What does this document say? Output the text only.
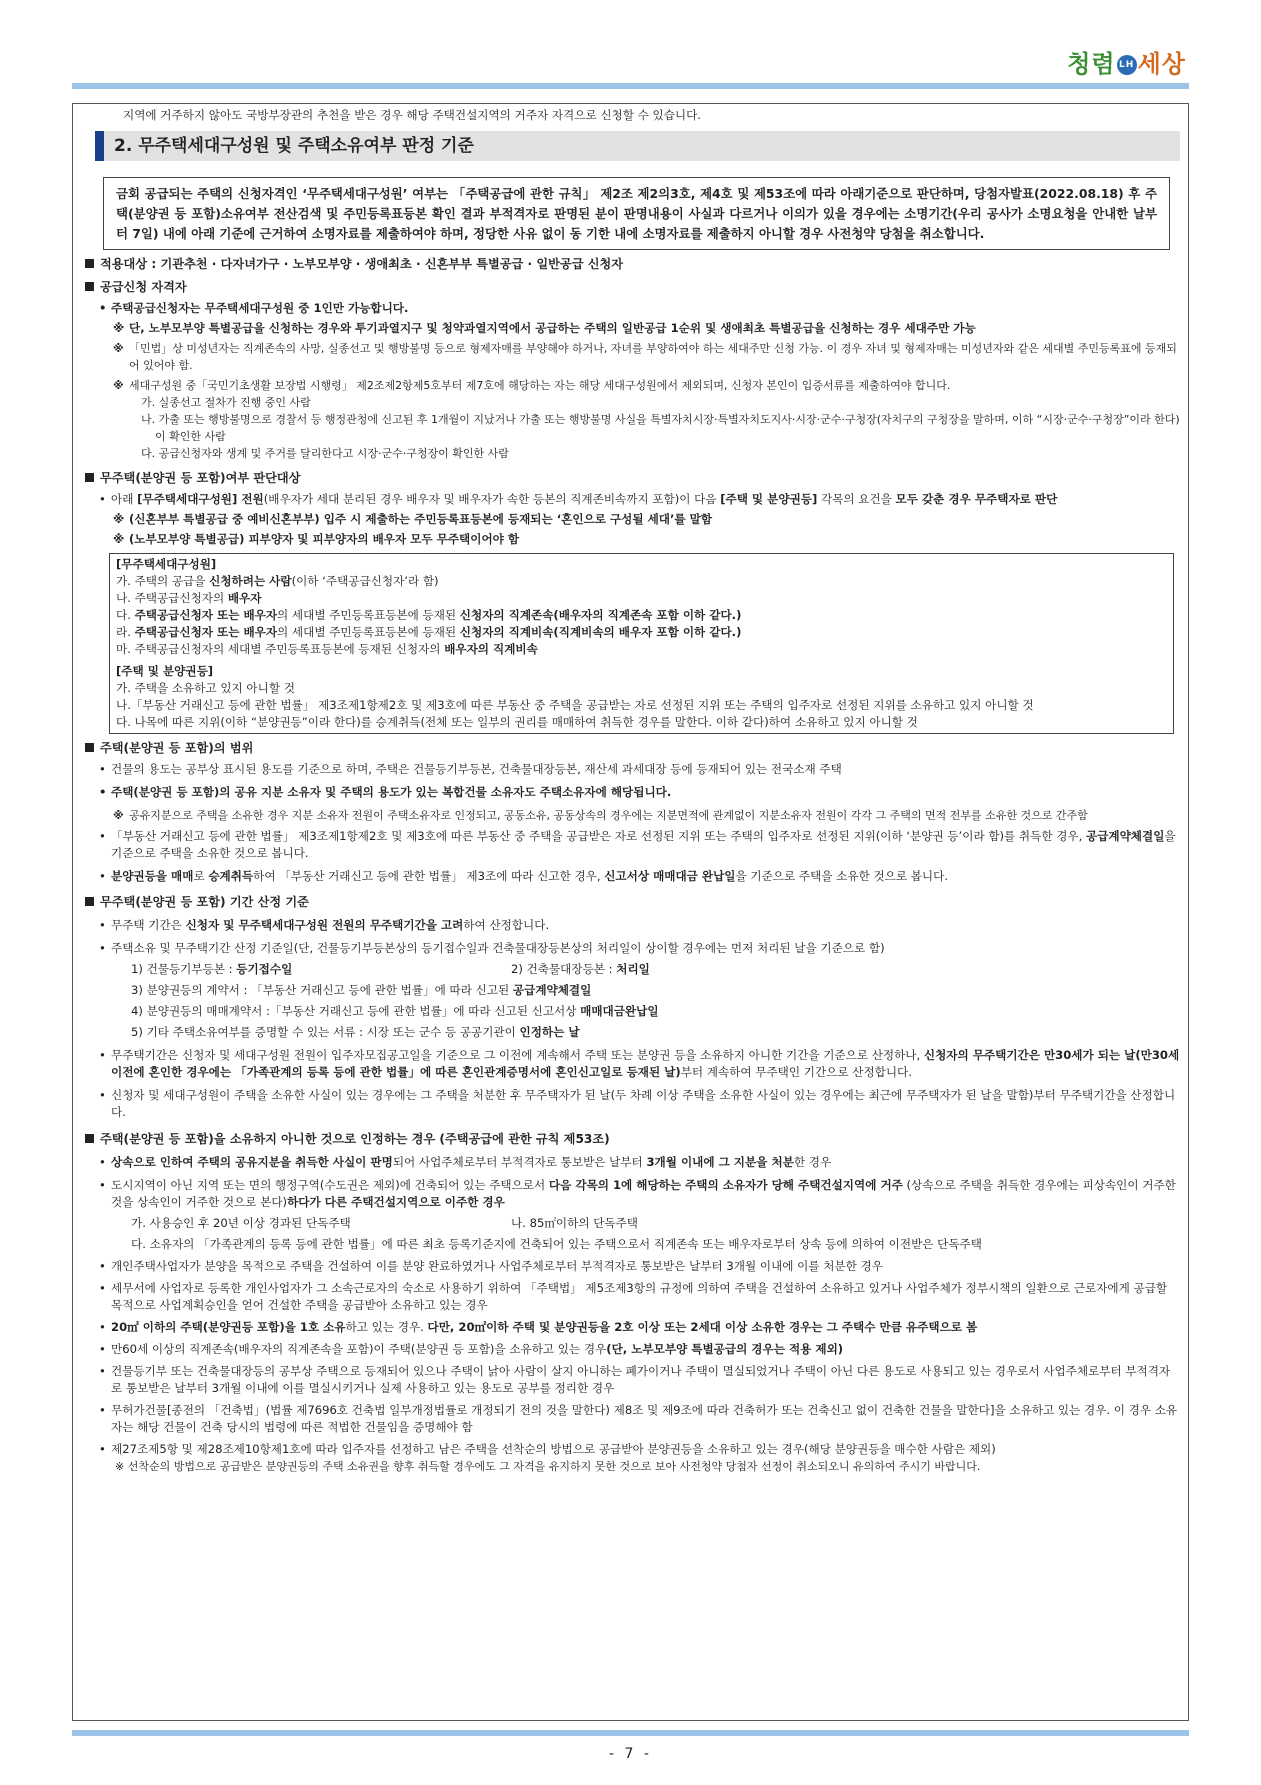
청렴 LH 세상

지역에 거주하지 않아도 국방부장관의 추천을 받은 경우 해당 주택건설지역의 거주자 자격으로 신청할 수 있습니다.

2. 무주택세대구성원 및 주택소유여부 판정 기준
금회 공급되는 주택의 신청자격인 ‘무주택세대구성원’ 여부는 「주택공급에 관한 규칙」 제2조 제2의3호, 제4호 및 제53조에 따라 아래기준으로 판단하며, 당첨자발표(2022.08.18) 후 주택(분양권 등 포함)소유여부 전산검색 및 주민등록표등본 확인 결과 부적격자로 판명된 분이 판명내용이 사실과 다르거나 이의가 있을 경우에는 소명기간(우리 공사가 소명요청을 안내한 날부터 7일) 내에 아래 기준에 근거하여 소명자료를 제출하여야 하며, 정당한 사유 없이 동 기한 내에 소명자료를 제출하지 아니할 경우 사전청약 당첨을 취소합니다.
적용대상 : 기관추천 · 다자녀가구 · 노부모부양 · 생애최초 · 신혼부부 특별공급 · 일반공급 신청자
공급신청 자격자
• 주택공급신청자는 무주택세대구성원 중 1인만 가능합니다.
※ 단, 노부모부양 특별공급을 신청하는 경우와 투기과열지구 및 청약과열지역에서 공급하는 주택의 일반공급 1순위 및 생애최초 특별공급을 신청하는 경우 세대주만 가능
※ 「민법」상 미성년자는 직계존속의 사망, 실종선고 및 행방불명 등으로 형제자매를 부양해야 하거나, 자녀를 부양하여야 하는 세대주만 신청 가능. 이 경우 자녀 및 형제자매는 미성년자와 같은 세대별 주민등록표에 등재되어 있어야 함.
※ 세대구성원 중「국민기초생활 보장법 시행령」 제2조제2항제5호부터 제7호에 해당하는 자는 해당 세대구성원에서 제외되며, 신청자 본인이 입증서류를 제출하여야 합니다.
가. 실종선고 절차가 진행 중인 사람
나. 가출 또는 행방불명으로 경찰서 등 행정관청에 신고된 후 1개월이 지났거나 가출 또는 행방불명 사실을 특별자치시장·특별자치도지사·시장·군수·구청장(자치구의 구청장을 말하며, 이하 “시장·군수·구청장”이라 한다)이 확인한 사람
다. 공급신청자와 생계 및 주거를 달리한다고 시장·군수·구청장이 확인한 사람
무주택(분양권 등 포함)여부 판단대상
• 아래 [무주택세대구성원] 전원(배우자가 세대 분리된 경우 배우자 및 배우자가 속한 등본의 직계존비속까지 포함)이 다음 [주택 및 분양권등] 각목의 요건을 모두 갖춘 경우 무주택자로 판단
※ (신혼부부 특별공급 중 예비신혼부부) 입주 시 제출하는 주민등록표등본에 등재되는 ‘혼인으로 구성될 세대’를 말함
※ (노부모부양 특별공급) 피부양자 및 피부양자의 배우자 모두 무주택이어야 함
[무주택세대구성원]
가. 주택의 공급을 신청하려는 사람(이하 ‘주택공급신청자’라 함)
나. 주택공급신청자의 배우자
다. 주택공급신청자 또는 배우자의 세대별 주민등록표등본에 등재된 신청자의 직계존속(배우자의 직계존속 포함 이하 같다.)
라. 주택공급신청자 또는 배우자의 세대별 주민등록표등본에 등재된 신청자의 직계비속(직계비속의 배우자 포함 이하 같다.)
마. 주택공급신청자의 세대별 주민등록표등본에 등재된 신청자의 배우자의 직계비속
[주택 및 분양권등]
가. 주택을 소유하고 있지 아니할 것
나.「부동산 거래신고 등에 관한 법률」 제3조제1항제2호 및 제3호에 따른 부동산 중 주택을 공급받는 자로 선정된 지위 또는 주택의 입주자로 선정된 지위를 소유하고 있지 아니할 것
다. 나목에 따른 지위(이하 “분양권등”이라 한다)를 승계취득(전체 또는 일부의 권리를 매매하여 취득한 경우를 말한다. 이하 같다)하여 소유하고 있지 아니할 것
주택(분양권 등 포함)의 범위
• 건물의 용도는 공부상 표시된 용도를 기준으로 하며, 주택은 건물등기부등본, 건축물대장등본, 재산세 과세대장 등에 등재되어 있는 전국소재 주택
• 주택(분양권 등 포함)의 공유 지분 소유자 및 주택의 용도가 있는 복합건물 소유자도 주택소유자에 해당됩니다.
※ 공유지분으로 주택을 소유한 경우 지분 소유자 전원이 주택소유자로 인정되고, 공동소유, 공동상속의 경우에는 지분면적에 관계없이 지분소유자 전원이 각각 그 주택의 면적 전부를 소유한 것으로 간주함
• 「부동산 거래신고 등에 관한 법률」 제3조제1항제2호 및 제3호에 따른 부동산 중 주택을 공급받은 자로 선정된 지위 또는 주택의 입주자로 선정된 지위(이하 ‘분양권 등’이라 함)를 취득한 경우, 공급계약체결일을 기준으로 주택을 소유한 것으로 봅니다.
• 분양권등을 매매로 승계취득하여 「부동산 거래신고 등에 관한 법률」 제3조에 따라 신고한 경우, 신고서상 매매대금 완납일을 기준으로 주택을 소유한 것으로 봅니다.
무주택(분양권 등 포함) 기간 산정 기준
• 무주택 기간은 신청자 및 무주택세대구성원 전원의 무주택기간을 고려하여 산정합니다.
• 주택소유 및 무주택기간 산정 기준일(단, 건물등기부등본상의 등기접수일과 건축물대장등본상의 처리일이 상이할 경우에는 먼저 처리된 날을 기준으로 함)
1) 건물등기부등본 : 등기접수일	2) 건축물대장등본 : 처리일
3) 분양권등의 계약서 : 「부동산 거래신고 등에 관한 법률」에 따라 신고된 공급계약체결일
4) 분양권등의 매매계약서 :「부동산 거래신고 등에 관한 법률」에 따라 신고된 신고서상 매매대금완납일
5) 기타 주택소유여부를 증명할 수 있는 서류 : 시장 또는 군수 등 공공기관이 인정하는 날
• 무주택기간은 신청자 및 세대구성원 전원이 입주자모집공고일을 기준으로 그 이전에 계속해서 주택 또는 분양권 등을 소유하지 아니한 기간을 기준으로 산정하나, 신청자의 무주택기간은 만30세가 되는 날(만30세 이전에 혼인한 경우에는 「가족관계의 등록 등에 관한 법률」에 따른 혼인관계증명서에 혼인신고일로 등재된 날)부터 계속하여 무주택인 기간으로 산정합니다.
• 신청자 및 세대구성원이 주택을 소유한 사실이 있는 경우에는 그 주택을 처분한 후 무주택자가 된 날(두 차례 이상 주택을 소유한 사실이 있는 경우에는 최근에 무주택자가 된 날을 말함)부터 무주택기간을 산정합니다.
주택(분양권 등 포함)을 소유하지 아니한 것으로 인정하는 경우 (주택공급에 관한 규칙 제53조)
• 상속으로 인하여 주택의 공유지분을 취득한 사실이 판명되어 사업주체로부터 부적격자로 통보받은 날부터 3개월 이내에 그 지분을 처분한 경우
• 도시지역이 아닌 지역 또는 면의 행정구역(수도권은 제외)에 건축되어 있는 주택으로서 다음 각목의 1에 해당하는 주택의 소유자가 당해 주택건설지역에 거주 (상속으로 주택을 취득한 경우에는 피상속인이 거주한 것을 상속인이 거주한 것으로 본다)하다가 다른 주택건설지역으로 이주한 경우
가. 사용승인 후 20년 이상 경과된 단독주택	나. 85㎡이하의 단독주택
다. 소유자의 「가족관계의 등록 등에 관한 법률」에 따른 최초 등록기준지에 건축되어 있는 주택으로서 직계존속 또는 배우자로부터 상속 등에 의하여 이전받은 단독주택
• 개인주택사업자가 분양을 목적으로 주택을 건설하여 이를 분양 완료하였거나 사업주체로부터 부적격자로 통보받은 날부터 3개월 이내에 이를 처분한 경우
• 세무서에 사업자로 등록한 개인사업자가 그 소속근로자의 숙소로 사용하기 위하여 「주택법」 제5조제3항의 규정에 의하여 주택을 건설하여 소유하고 있거나 사업주체가 정부시책의 일환으로 근로자에게 공급할 목적으로 사업계획승인을 얻어 건설한 주택을 공급받아 소유하고 있는 경우
• 20㎡ 이하의 주택(분양권등 포함)을 1호 소유하고 있는 경우. 다만, 20㎡이하 주택 및 분양권등을 2호 이상 또는 2세대 이상 소유한 경우는 그 주택수 만큼 유주택으로 봄
• 만60세 이상의 직계존속(배우자의 직계존속을 포함)이 주택(분양권 등 포함)을 소유하고 있는 경우(단, 노부모부양 특별공급의 경우는 적용 제외)
• 건물등기부 또는 건축물대장등의 공부상 주택으로 등재되어 있으나 주택이 낡아 사람이 살지 아니하는 폐가이거나 주택이 멸실되었거나 주택이 아닌 다른 용도로 사용되고 있는 경우로서 사업주체로부터 부적격자로 통보받은 날부터 3개월 이내에 이를 멸실시키거나 실제 사용하고 있는 용도로 공부를 정리한 경우
• 무허가건물[종전의 「건축법」(법률 제7696호 건축법 일부개정법률로 개정되기 전의 것을 말한다) 제8조 및 제9조에 따라 건축허가 또는 건축신고 없이 건축한 건물을 말한다]을 소유하고 있는 경우. 이 경우 소유자는 해당 건물이 건축 당시의 법령에 따른 적법한 건물임을 증명해야 함
• 제27조제5항 및 제28조제10항제1호에 따라 입주자를 선정하고 남은 주택을 선착순의 방법으로 공급받아 분양권등을 소유하고 있는 경우(해당 분양권등을 매수한 사람은 제외)
※ 선착순의 방법으로 공급받은 분양권등의 주택 소유권을 향후 취득할 경우에도 그 자격을 유지하지 못한 것으로 보아 사전청약 당첨자 선정이 취소되오니 유의하여 주시기 바랍니다.
- 7 -
